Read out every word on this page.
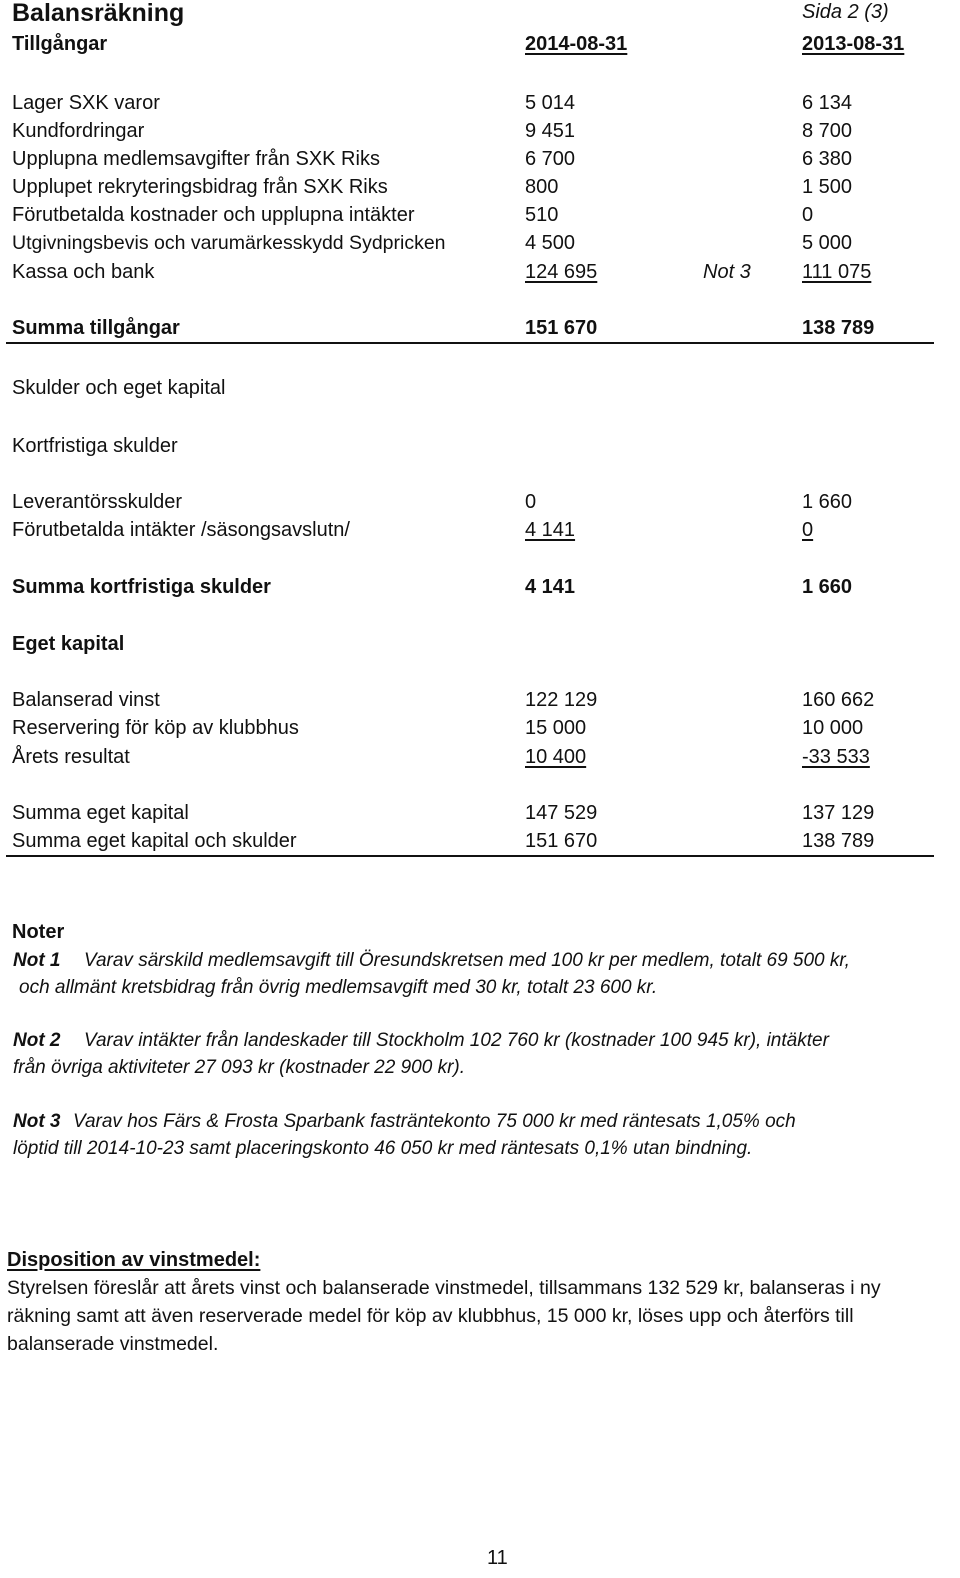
Balansräkning	Sida 2 (3)
Tillgångar	2014-08-31	2013-08-31
Lager SXK varor	5 014	6 134
Kundfordringar	9 451	8 700
Upplupna medlemsavgifter från SXK Riks	6 700	6 380
Upplupet rekryteringsbidrag från SXK Riks	800	1 500
Förutbetalda kostnader och upplupna intäkter	510	0
Utgivningsbevis och varumärkesskydd Sydpricken	4 500	5 000
Kassa och bank	124 695	Not 3	111 075
Summa tillgångar	151 670	138 789
Skulder och eget kapital
Kortfristiga skulder
Leverantörsskulder	0	1 660
Förutbetalda intäkter /säsongsavslutn/	4 141	0
Summa kortfristiga skulder	4 141	1 660
Eget kapital
Balanserad vinst	122 129	160 662
Reservering för köp av klubbhus	15 000	10 000
Årets resultat	10 400	-33 533
Summa eget kapital	147 529	137 129
Summa eget kapital och skulder	151 670	138 789
Noter
Not 1 Varav särskild medlemsavgift till Öresundskretsen med 100 kr per medlem, totalt 69 500 kr,
och allmänt kretsbidrag från övrig medlemsavgift med 30 kr, totalt 23 600 kr.
Not 2 Varav intäkter från landeskader till Stockholm 102 760 kr (kostnader 100 945 kr), intäkter
från övriga aktiviteter 27 093 kr (kostnader 22 900 kr).
Not 3 Varav hos Färs & Frosta Sparbank fasträntekonto 75 000 kr med räntesats 1,05% och
löptid till 2014-10-23 samt placeringskonto 46 050 kr med räntesats 0,1% utan bindning.
Disposition av vinstmedel:
Styrelsen föreslår att årets vinst och balanserade vinstmedel, tillsammans 132 529 kr, balanseras i ny
räkning samt att även reserverade medel för köp av klubbhus, 15 000 kr, löses upp och återförs till
balanserade vinstmedel.
11
